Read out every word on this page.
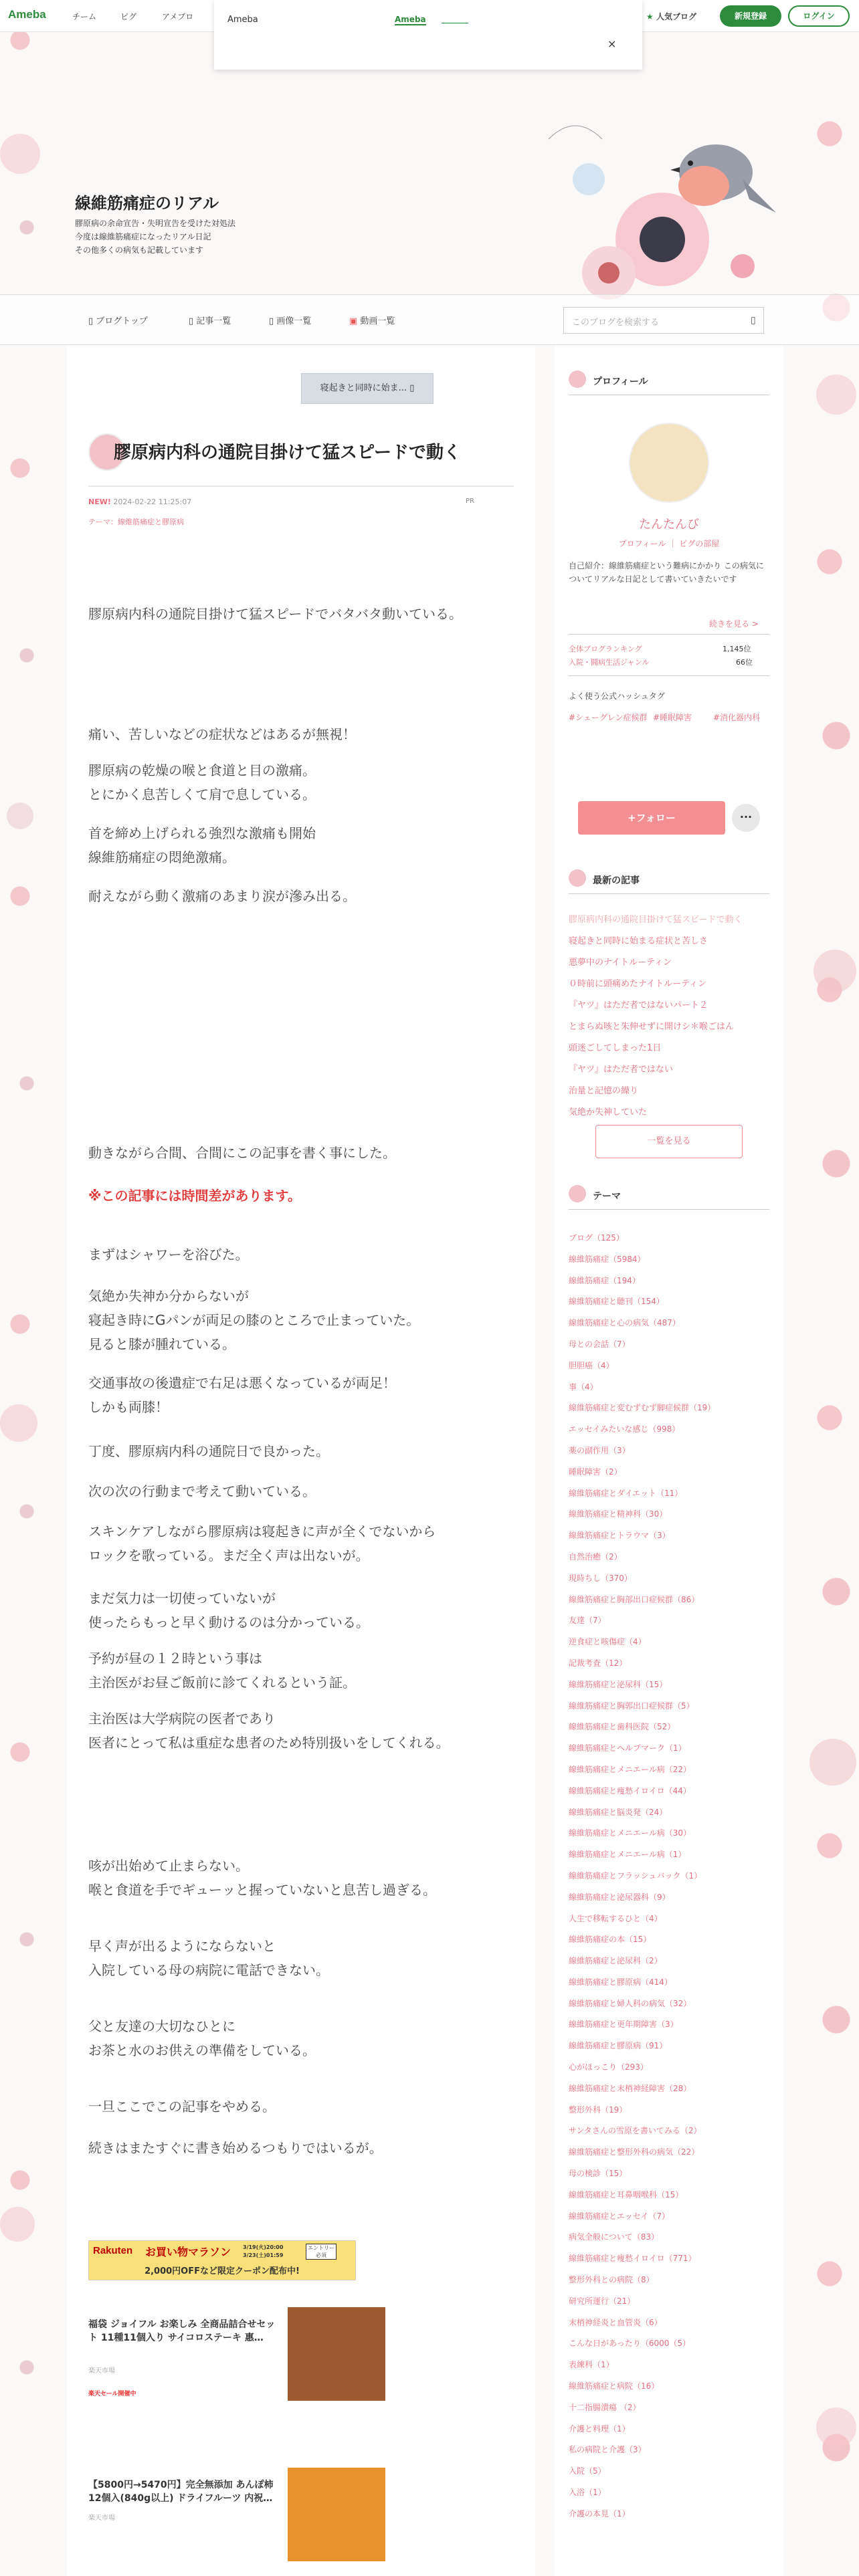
Ameba	チーム	ピグ	アメブロ	★ 人気ブログ	新規登録	ログイン
Ameba	Ameba
×
線維筋痛症のリアル
膠原病の余命宣告・失明宣告を受けた対処法
今度は線維筋痛症になったリアル日記
その他多くの病気も記載しています
▯ ブログトップ	▯ 記事一覧	▯ 画像一覧	▣ 動画一覧	このブログを検索する	▯
寝起きと同時に始ま... ▯
膠原病内科の通院目掛けて猛スピードで動く
NEW! 2024-02-22 11:25:07
テーマ：線維筋痛症と膠原病
PR
膠原病内科の通院目掛けて猛スピードでバタバタ動いている。
痛い、苦しいなどの症状などはあるが無視！
膠原病の乾燥の喉と食道と目の激痛。
とにかく息苦しくて肩で息している。
首を締め上げられる強烈な激痛も開始
線維筋痛症の悶絶激痛。
耐えながら動く激痛のあまり涙が滲み出る。
動きながら合間、合間にこの記事を書く事にした。
※この記事には時間差があります。
まずはシャワーを浴びた。
気絶か失神か分からないが
寝起き時にGパンが両足の膝のところで止まっていた。
見ると膝が腫れている。
交通事故の後遺症で右足は悪くなっているが両足！
しかも両膝！
丁度、膠原病内科の通院日で良かった。
次の次の行動まで考えて動いている。
スキンケアしながら膠原病は寝起きに声が全くでないから
ロックを歌っている。まだ全く声は出ないが。
まだ気力は一切使っていないが
使ったらもっと早く動けるのは分かっている。
予約が昼の１２時という事は
主治医がお昼ご飯前に診てくれるという証。
主治医は大学病院の医者であり
医者にとって私は重症な患者のため特別扱いをしてくれる。
咳が出始めて止まらない。
喉と食道を手でギューッと握っていないと息苦し過ぎる。
早く声が出るようにならないと
入院している母の病院に電話できない。
父と友達の大切なひとに
お茶と水のお供えの準備をしている。
一旦ここでこの記事をやめる。
続きはまたすぐに書き始めるつもりではいるが。
Rakuten お買い物マラソン 3/19(火)20:00
3/23(土)01:59
エントリー必須
2,000円OFFなど限定クーポン配布中!
福袋 ジョイフル お楽しみ 全商品詰合せセット 11種11個入り サイコロステーキ 惠…
楽天市場
楽天セール開催中
【5800円→5470円】完全無添加 あんぽ柿 12個入(840g以上) ドライフルーツ 内祝…
楽天市場
プロフィール
たんたんび
プロフィール ｜ ピグの部屋
自己紹介：線維筋痛症という難病にかかり この病気についてリアルな日記として書いていきたいです
続きを見る >
全体ブログランキング	1,145位
入院・闘病生活ジャンル	66位
よく使う公式ハッシュタグ
#シェーグレン症候群 #睡眠障害	#消化器内科
+フォロー	···
最新の記事
膠原病内科の通院目掛けて猛スピードで動く
寝起きと同時に始まる症状と苦しさ
悪夢中のナイトルーティン
０時前に頭痛めたナイトルーティン
『ヤツ』はただ者ではないパート２
とまらぬ咳と朱伸せずに開けシ＊喉ごはん
頭迷ごしてしまった1日
『ヤツ』はただ者ではない
治量と記憶の繰り
気絶か失神していた
一覧を見る
テーマ
ブログ（125）
線維筋痛症（5984）
線維筋痛症（194）
線維筋痛症と聴刊（154）
線維筋痛症と心の病気（487）
母との会話（7）
胆胆癌（4）
事（4）
線維筋痛症と変むずむず脚症候群（19）
エッセイみたいな感じ（998）
薬の副作用（3）
睡眠障害（2）
線維筋痛症とダイエット（11）
線維筋痛症と精神科（30）
線維筋痛症とトラウマ（3）
自然治癒（2）
現時ちし（370）
線維筋痛症と胸部出口症候群（86）
友達（7）
逆食症と咳傷症（4）
記裁考査（12）
線維筋痛症と泌尿科（15）
線維筋痛症と胸郭出口症候群（5）
線維筋痛症と歯科医院（52）
線維筋痛症とヘルプマーク（1）
線維筋痛症とメニエール病（22）
線維筋痛症と痩愁イロイロ（44）
線維筋痛症と脳炎発（24）
線維筋痛症とメニエール病（30）
線維筋痛症とメニエール病（1）
線維筋痛症とフラッシュバック（1）
線維筋痛症と泌尿器科（9）
人生で移転するひと（4）
線維筋痛症の本（15）
線維筋痛症と泌尿科（2）
線維筋痛症と膠原病（414）
線維筋痛症と婦人科の病気（32）
線維筋痛症と更年期障害（3）
線維筋痛症と膠原病（91）
心がほっこり（293）
線維筋痛症と末梢神経障害（28）
整形外科（19）
サンタさんの雪原を書いてみる（2）
線維筋痛症と整形外科の病気（22）
母の検診（15）
線維筋痛症と耳鼻咽喉科（15）
線維筋痛症とエッセイ（7）
病気全般について（83）
線維筋痛症と痩愁イロイロ（771）
整形外科との病院（8）
研究所運行（21）
末梢神経炎と血管炎（6）
こんな日があったり（6000（5）
表練科（1）
線維筋痛症と病院（16）
十二指腸潰瘍 （2）
介護と料理（1）
私の病院と介護（3）
入院（5）
入浴（1）
介護の本見（1）
